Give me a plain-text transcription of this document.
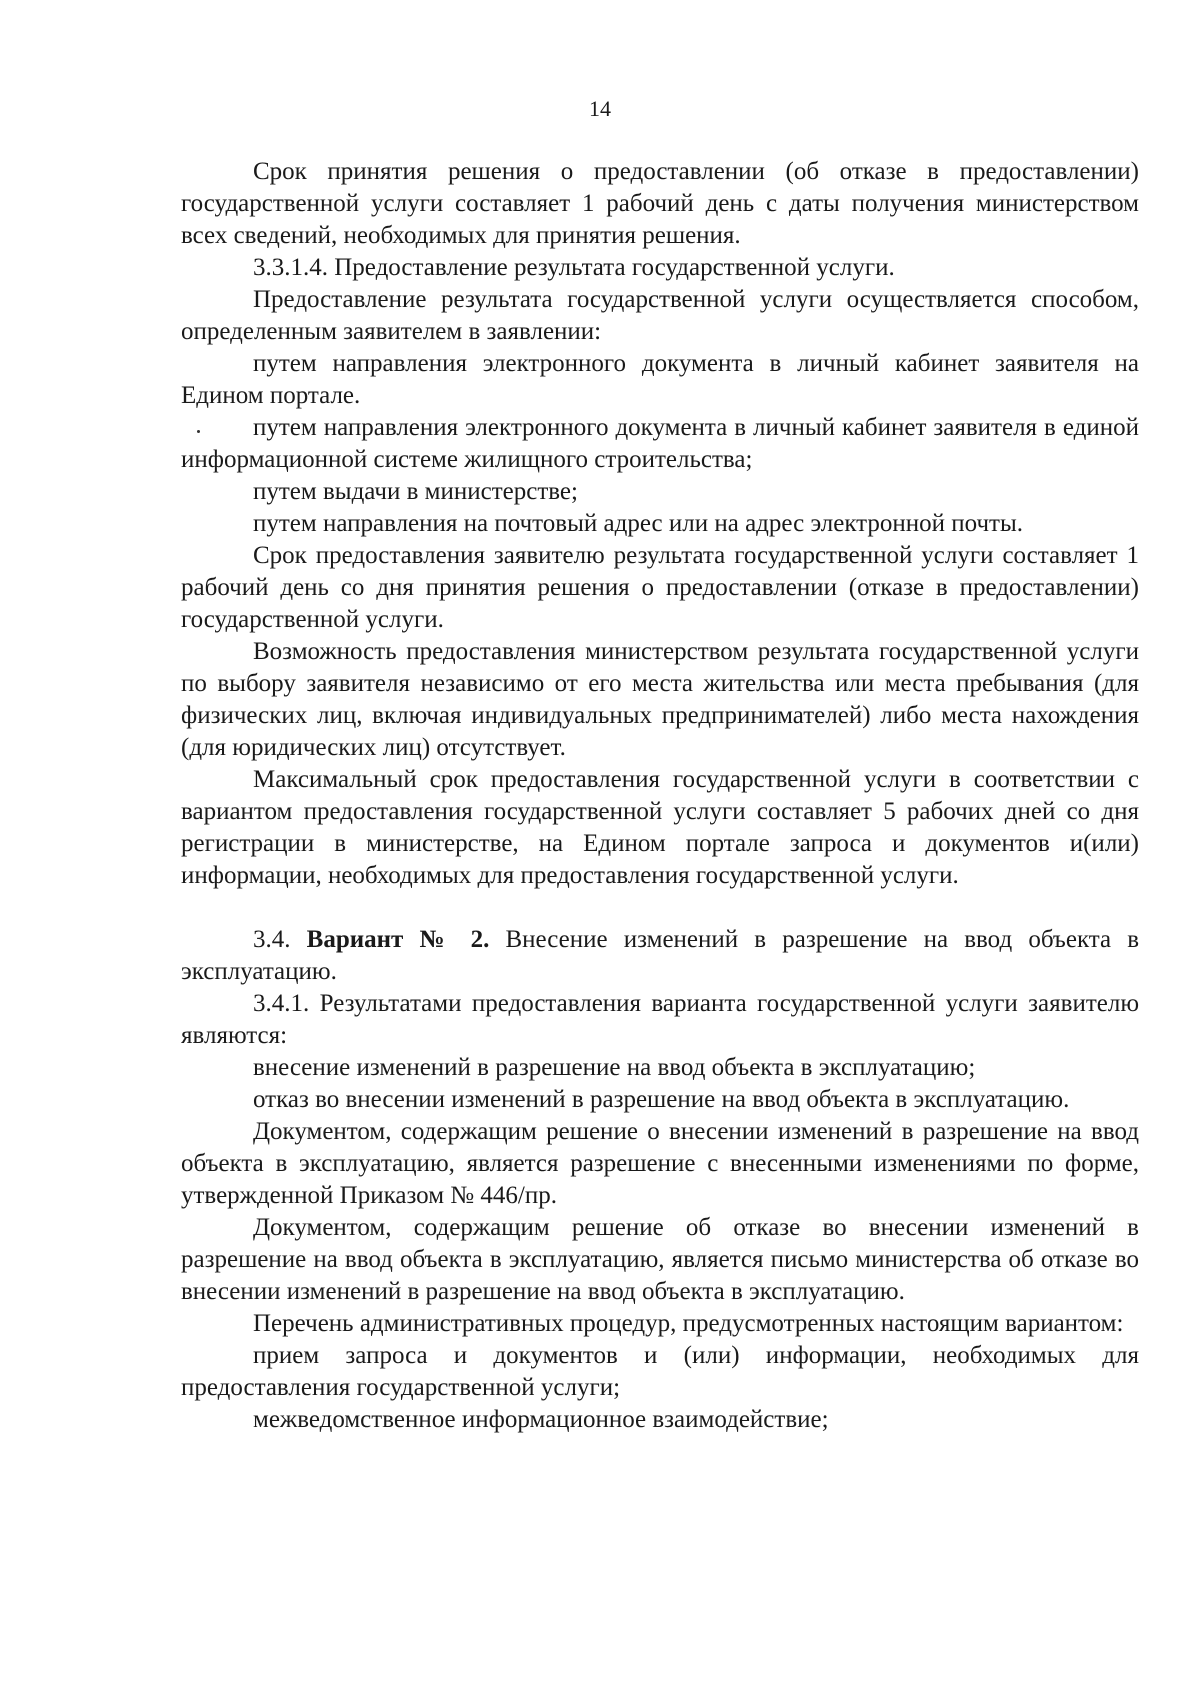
14

Срок принятия решения о предоставлении (об отказе в предоставлении) государственной услуги составляет 1 рабочий день с даты получения министерством всех сведений, необходимых для принятия решения.

3.3.1.4. Предоставление результата государственной услуги.

Предоставление результата государственной услуги осуществляется способом, определенным заявителем в заявлении:

путем направления электронного документа в личный кабинет заявителя на Едином портале.

путем направления электронного документа в личный кабинет заявителя в единой информационной системе жилищного строительства;

путем выдачи в министерстве;

путем направления на почтовый адрес или на адрес электронной почты.

Срок предоставления заявителю результата государственной услуги составляет 1 рабочий день со дня принятия решения о предоставлении (отказе в предоставлении) государственной услуги.

Возможность предоставления министерством результата государственной услуги по выбору заявителя независимо от его места жительства или места пребывания (для физических лиц, включая индивидуальных предпринимателей) либо места нахождения (для юридических лиц) отсутствует.

Максимальный срок предоставления государственной услуги в соответствии с вариантом предоставления государственной услуги составляет 5 рабочих дней со дня регистрации в министерстве, на Едином портале запроса и документов и(или) информации, необходимых для предоставления государственной услуги.

3.4. Вариант № 2. Внесение изменений в разрешение на ввод объекта в эксплуатацию.

3.4.1. Результатами предоставления варианта государственной услуги заявителю являются:

внесение изменений в разрешение на ввод объекта в эксплуатацию;

отказ во внесении изменений в разрешение на ввод объекта в эксплуатацию.

Документом, содержащим решение о внесении изменений в разрешение на ввод объекта в эксплуатацию, является разрешение с внесенными изменениями по форме, утвержденной Приказом № 446/пр.

Документом, содержащим решение об отказе во внесении изменений в разрешение на ввод объекта в эксплуатацию, является письмо министерства об отказе во внесении изменений в разрешение на ввод объекта в эксплуатацию.

Перечень административных процедур, предусмотренных настоящим вариантом:

прием запроса и документов и (или) информации, необходимых для предоставления государственной услуги;

межведомственное информационное взаимодействие;
